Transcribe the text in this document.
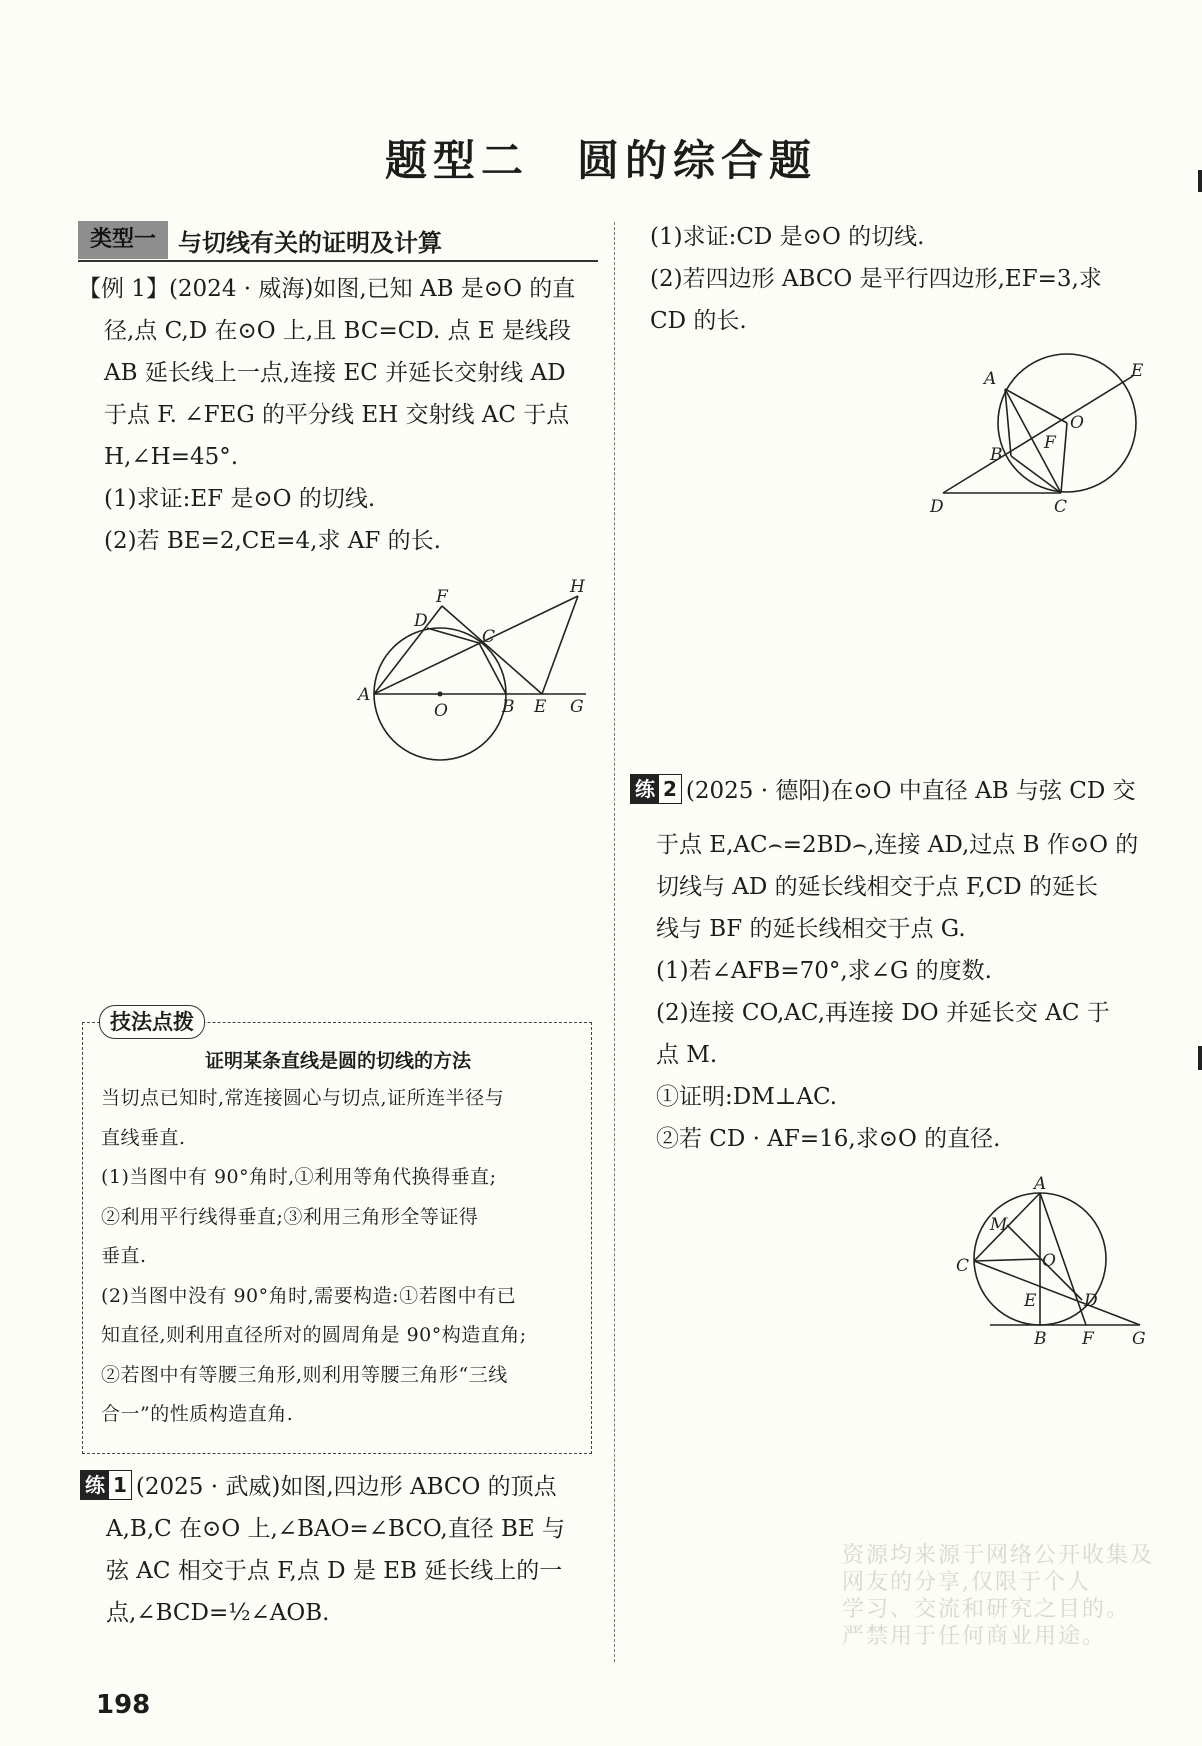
题型二　圆的综合题
类型一 与切线有关的证明及计算
【例 1】(2024 · 威海)如图,已知 AB 是⊙O 的直
径,点 C,D 在⊙O 上,且 BC=CD. 点 E 是线段
AB 延长线上一点,连接 EC 并延长交射线 AD
于点 F. ∠FEG 的平分线 EH 交射线 AC 于点
H,∠H=45°.
(1)求证:EF 是⊙O 的切线.
(2)若 BE=2,CE=4,求 AF 的长.
F
D
H
C
A
O	B E G
技法点拨
证明某条直线是圆的切线的方法
当切点已知时,常连接圆心与切点,证所连半径与
直线垂直.
(1)当图中有 90°角时,①利用等角代换得垂直;
②利用平行线得垂直;③利用三角形全等证得
垂直.
(2)当图中没有 90°角时,需要构造:①若图中有已
知直径,则利用直径所对的圆周角是 90°构造直角;
②若图中有等腰三角形,则利用等腰三角形“三线
合一”的性质构造直角.
练 1 (2025 · 武威)如图,四边形 ABCO 的顶点
A,B,C 在⊙O 上,∠BAO=∠BCO,直径 BE 与
弦 AC 相交于点 F,点 D 是 EB 延长线上的一
点,∠BCD=½∠AOB.
(1)求证:CD 是⊙O 的切线.
(2)若四边形 ABCO 是平行四边形,EF=3,求
CD 的长.
A	E
O
F
B
D	C
练 2 (2025 · 德阳)在⊙O 中直径 AB 与弦 CD 交
于点 E,AC⌢=2BD⌢,连接 AD,过点 B 作⊙O 的
切线与 AD 的延长线相交于点 F,CD 的延长
线与 BF 的延长线相交于点 G.
(1)若∠AFB=70°,求∠G 的度数.
(2)连接 CO,AC,再连接 DO 并延长交 AC 于
点 M.
①证明:DM⊥AC.
②若 CD · AF=16,求⊙O 的直径.
A
M
C	O
E	D
B F G
198
资源均来源于网络公开收集及
网友的分享,仅限于个人
学习、交流和研究之目的。
严禁用于任何商业用途。
